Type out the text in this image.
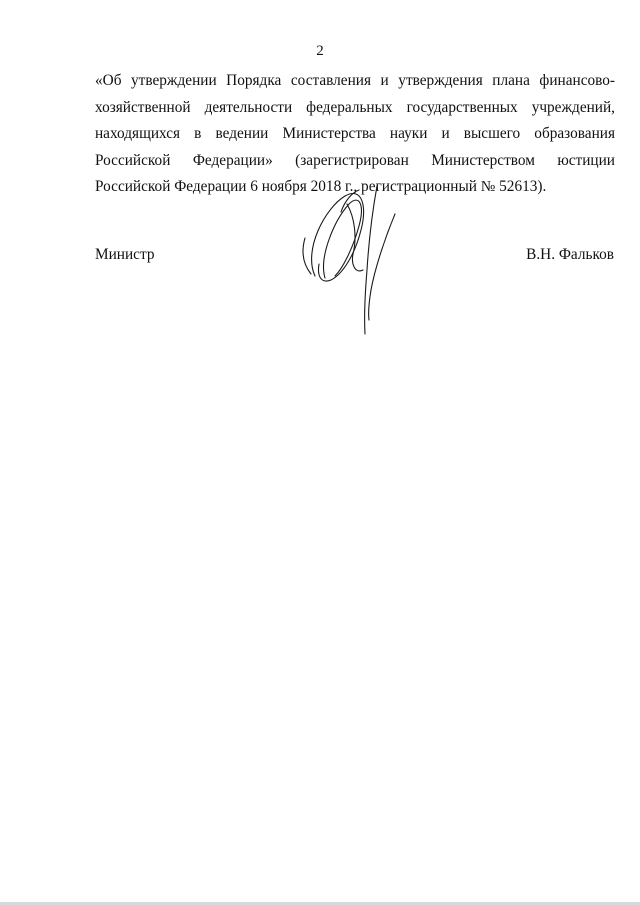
2
«Об утверждении Порядка составления и утверждения плана финансово-
хозяйственной деятельности федеральных государственных учреждений,
находящихся в ведении Министерства науки и высшего образования
Российской Федерации» (зарегистрирован Министерством юстиции
Российской Федерации 6 ноября 2018 г., регистрационный № 52613).
Министр	В.Н. Фальков
